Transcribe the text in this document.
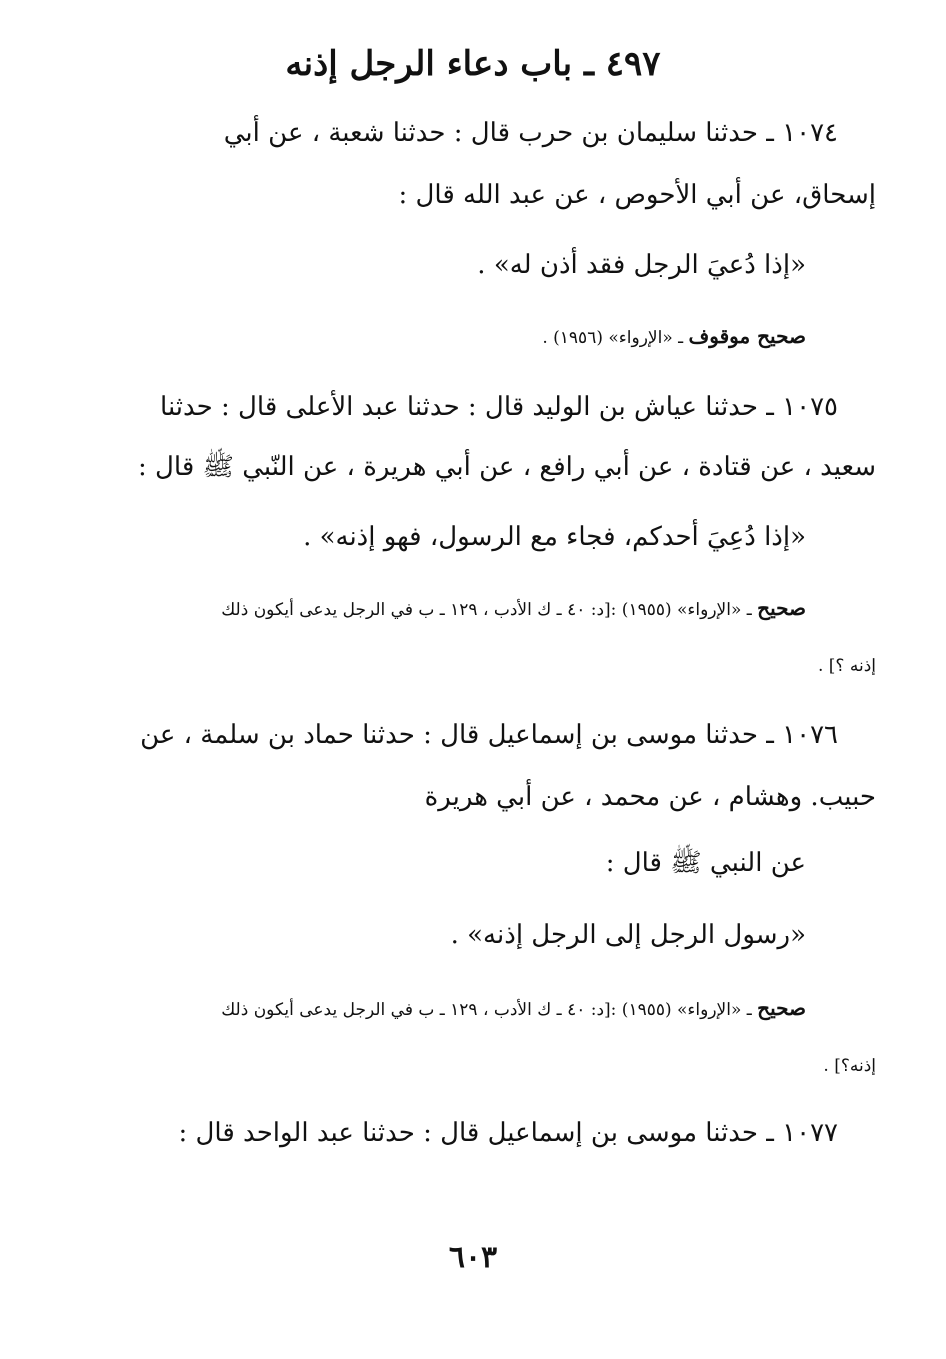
٤٩٧ ـ باب دعاء الرجل إذنه
١٠٧٤ ـ حدثنا سليمان بن حرب قال : حدثنا شعبة ، عن أبي
إسحاق، عن أبي الأحوص ، عن عبد الله قال :
«إذا دُعيَ الرجل فقد أذن له» .
صحيح موقوف ـ «الإرواء» (١٩٥٦) .
١٠٧٥ ـ حدثنا عياش بن الوليد قال : حدثنا عبد الأعلى قال : حدثنا
سعيد ، عن قتادة ، عن أبي رافع ، عن أبي هريرة ، عن النّبي ﷺ قال :
«إذا دُعِيَ أحدكم، فجاء مع الرسول، فهو إذنه» .
صحيح ـ «الإرواء» (١٩٥٥) :[د: ٤٠ ـ ك الأدب ، ١٢٩ ـ ب في الرجل يدعى أيكون ذلك
إذنه ؟] .
١٠٧٦ ـ حدثنا موسى بن إسماعيل قال : حدثنا حماد بن سلمة ، عن
حبيب. وهشام ، عن محمد ، عن أبي هريرة
عن النبي ﷺ قال :
«رسول الرجل إلى الرجل إذنه» .
صحيح ـ «الإرواء» (١٩٥٥) :[د: ٤٠ ـ ك الأدب ، ١٢٩ ـ ب في الرجل يدعى أيكون ذلك
إذنه؟] .
١٠٧٧ ـ حدثنا موسى بن إسماعيل قال : حدثنا عبد الواحد قال :
٦٠٣
